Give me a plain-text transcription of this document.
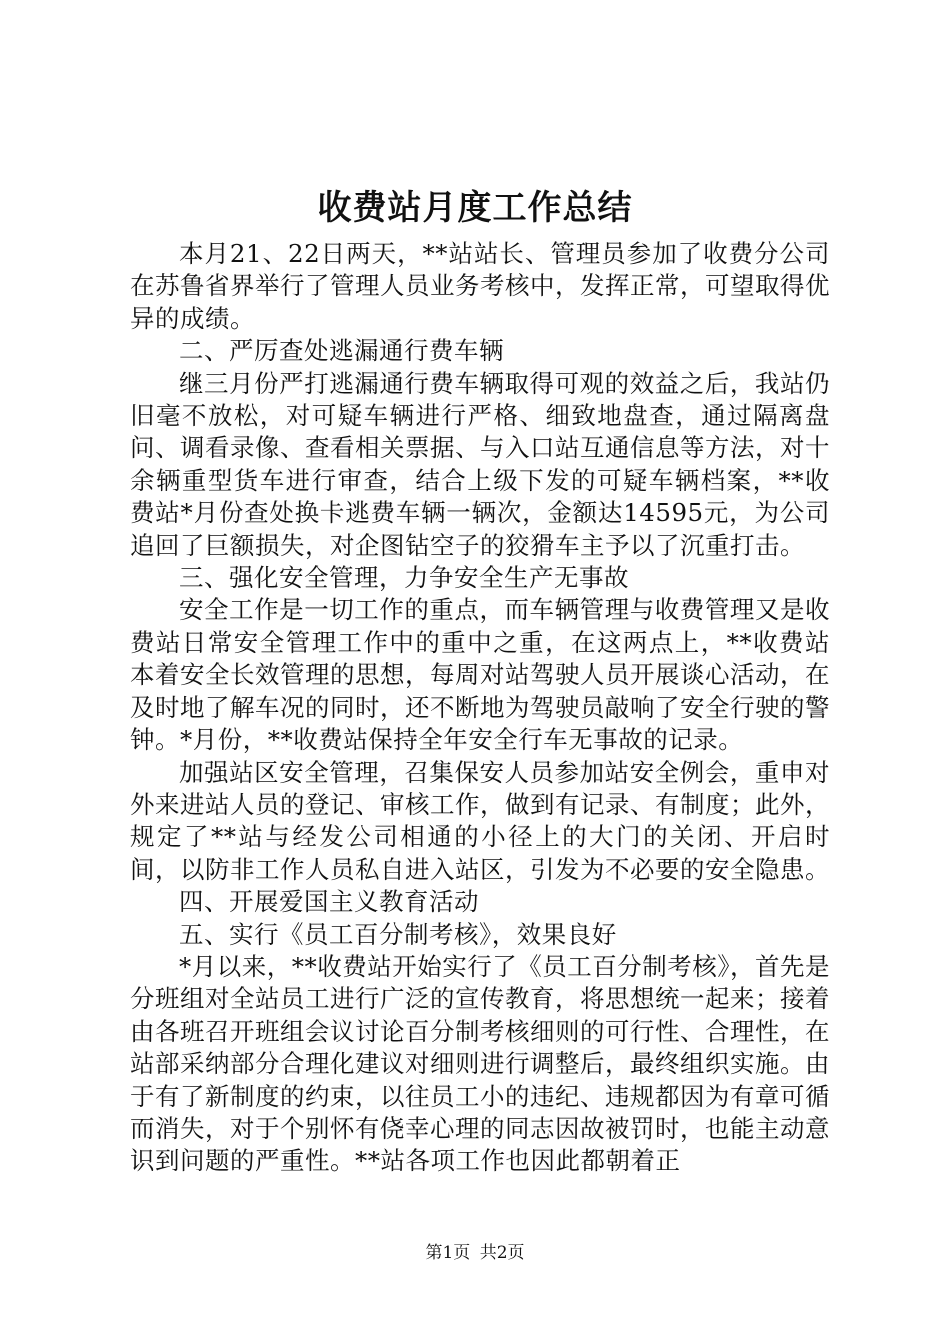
收费站月度工作总结

本月21、22日两天，**站站长、管理员参加了收费分公司在苏鲁省界举行了管理人员业务考核中，发挥正常，可望取得优异的成绩。

二、严厉查处逃漏通行费车辆

继三月份严打逃漏通行费车辆取得可观的效益之后，我站仍旧毫不放松，对可疑车辆进行严格、细致地盘查，通过隔离盘问、调看录像、查看相关票据、与入口站互通信息等方法，对十余辆重型货车进行审查，结合上级下发的可疑车辆档案，**收费站*月份查处换卡逃费车辆一辆次，金额达14595元，为公司追回了巨额损失，对企图钻空子的狡猾车主予以了沉重打击。

三、强化安全管理，力争安全生产无事故

安全工作是一切工作的重点，而车辆管理与收费管理又是收费站日常安全管理工作中的重中之重，在这两点上，**收费站本着安全长效管理的思想，每周对站驾驶人员开展谈心活动，在及时地了解车况的同时，还不断地为驾驶员敲响了安全行驶的警钟。*月份，**收费站保持全年安全行车无事故的记录。

加强站区安全管理，召集保安人员参加站安全例会，重申对外来进站人员的登记、审核工作，做到有记录、有制度；此外，规定了**站与经发公司相通的小径上的大门的关闭、开启时间，以防非工作人员私自进入站区，引发为不必要的安全隐患。

四、开展爱国主义教育活动

五、实行《员工百分制考核》，效果良好

*月以来，**收费站开始实行了《员工百分制考核》，首先是分班组对全站员工进行广泛的宣传教育，将思想统一起来；接着由各班召开班组会议讨论百分制考核细则的可行性、合理性，在站部采纳部分合理化建议对细则进行调整后，最终组织实施。由于有了新制度的约束，以往员工小的违纪、违规都因为有章可循而消失，对于个别怀有侥幸心理的同志因故被罚时，也能主动意识到问题的严重性。**站各项工作也因此都朝着正

第1页 共2页
